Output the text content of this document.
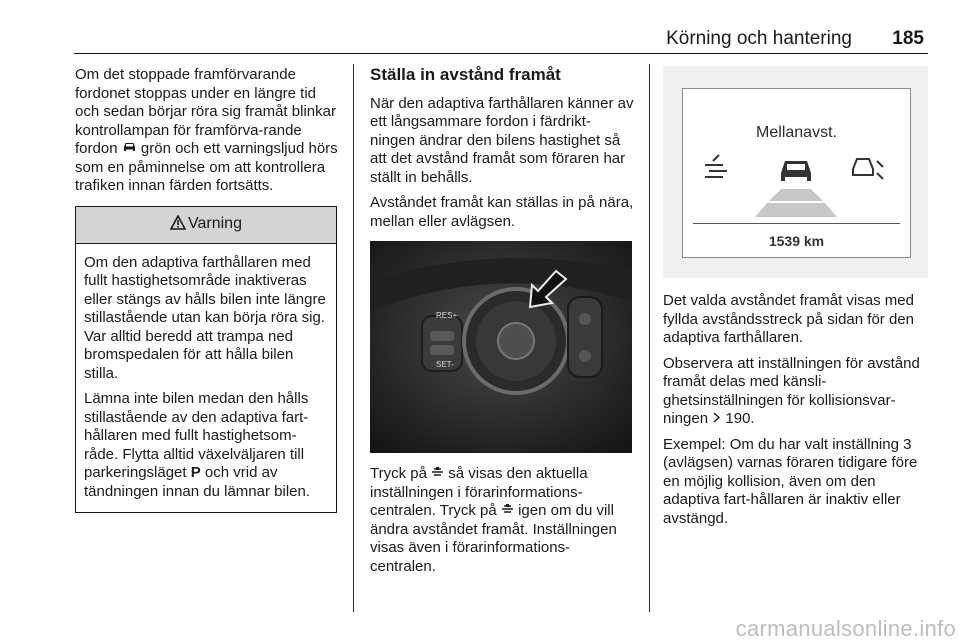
Körning och hantering 185

Om det stoppade framförvarande fordonet stoppas under en längre tid och sedan börjar röra sig framåt blinkar kontrollampan för framförva-rande fordon grön och ett varningsljud hörs som en påminnelse om att kontrollera trafiken innan färden fortsätts.

Varning

Om den adaptiva farthållaren med fullt hastighetsområde inaktiveras eller stängs av hålls bilen inte längre stillastående utan kan börja röra sig. Var alltid beredd att trampa ned bromspedalen för att hålla bilen stilla.

Lämna inte bilen medan den hålls stillastående av den adaptiva fart-hållaren med fullt hastighetsom-råde. Flytta alltid växelväljaren till parkeringsläget P och vrid av tändningen innan du lämnar bilen.

Ställa in avstånd framåt

När den adaptiva farthållaren känner av ett långsammare fordon i färdrikt-ningen ändrar den bilens hastighet så att det avstånd framåt som föraren har ställt in behålls.

Avståndet framåt kan ställas in på nära, mellan eller avlägsen.

RES+
SET-

Tryck på så visas den aktuella inställningen i förarinformations-centralen. Tryck på igen om du vill ändra avståndet framåt. Inställningen visas även i förarinformations-centralen.

Mellanavst.
1539 km

Det valda avståndet framåt visas med fyllda avståndsstreck på sidan för den adaptiva farthållaren.

Observera att inställningen för avstånd framåt delas med känsli-ghetsinställningen för kollisionsvar-ningen 190.

Exempel: Om du har valt inställning 3 (avlägsen) varnas föraren tidigare före en möjlig kollision, även om den adaptiva fart-hållaren är inaktiv eller avstängd.

carmanualsonline.info
